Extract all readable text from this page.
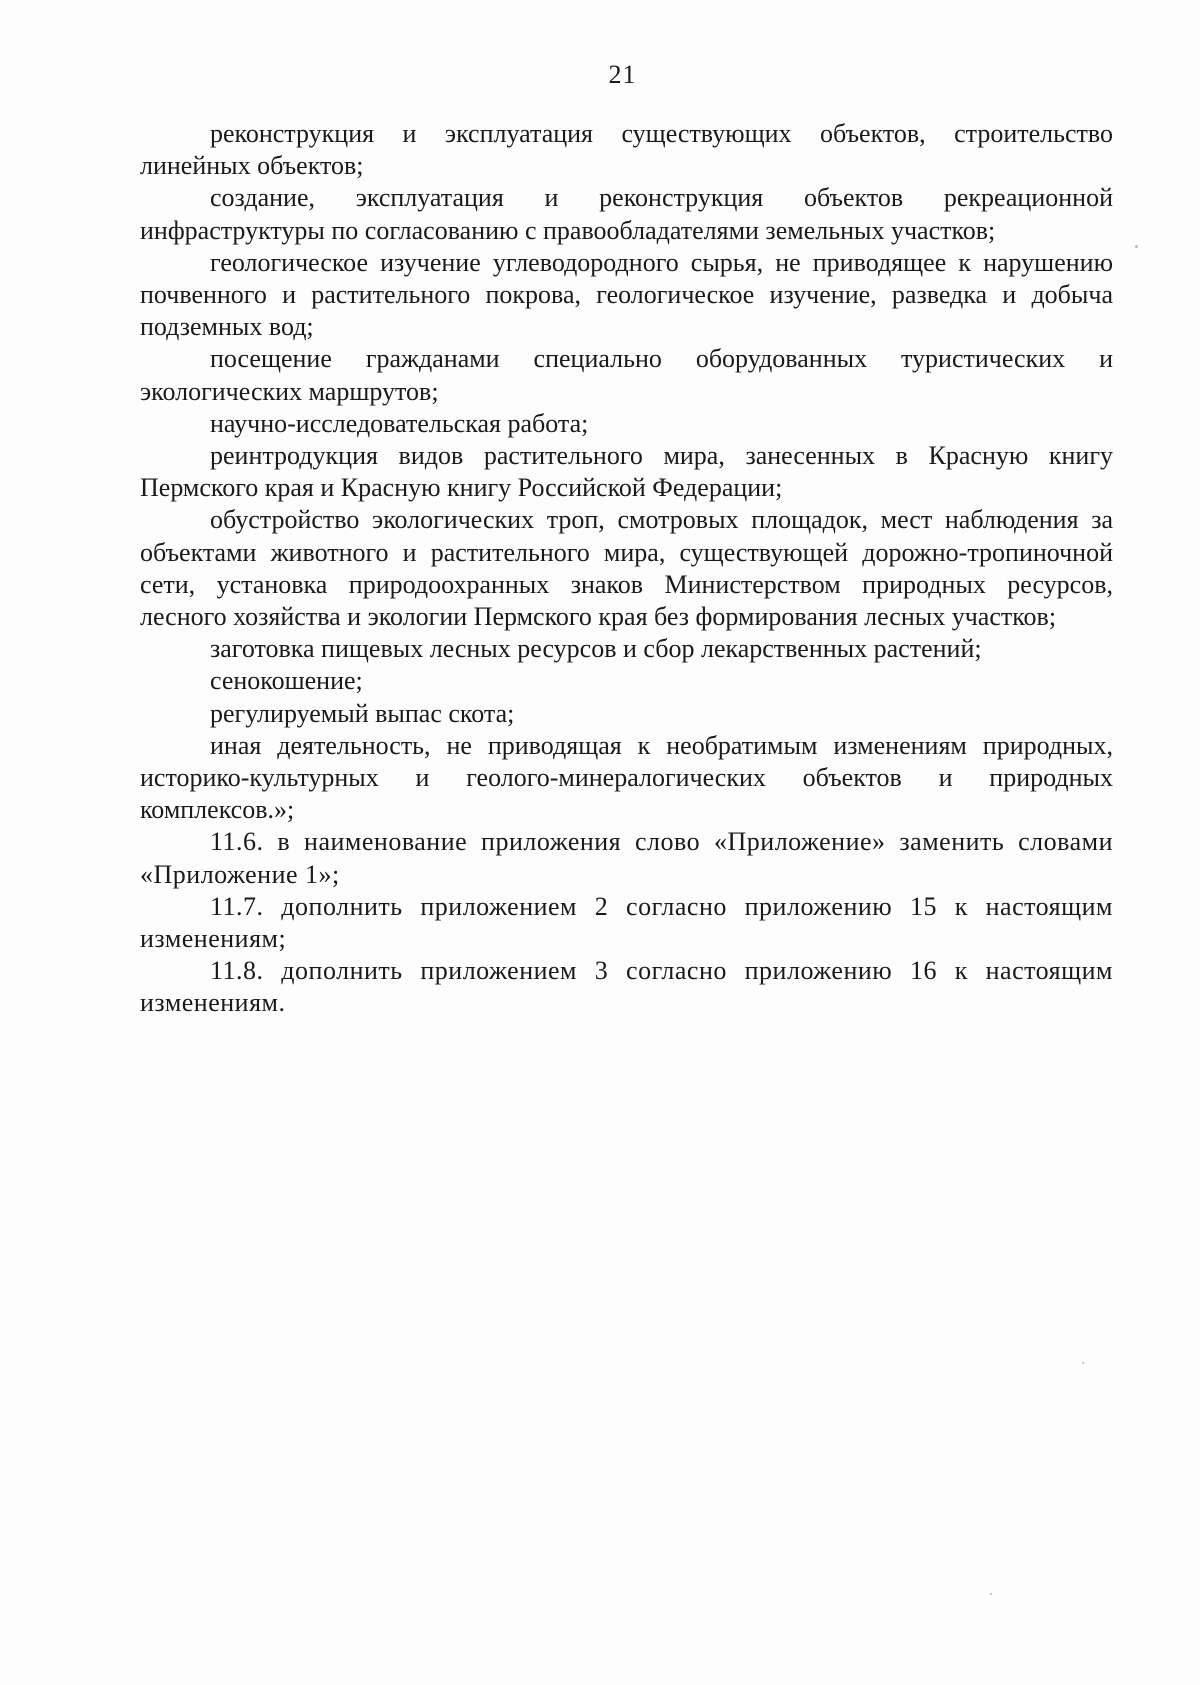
21

реконструкция и эксплуатация существующих объектов, строительство линейных объектов;

создание, эксплуатация и реконструкция объектов рекреационной инфраструктуры по согласованию с правообладателями земельных участков;

геологическое изучение углеводородного сырья, не приводящее к нарушению почвенного и растительного покрова, геологическое изучение, разведка и добыча подземных вод;

посещение гражданами специально оборудованных туристических и экологических маршрутов;

научно-исследовательская работа;

реинтродукция видов растительного мира, занесенных в Красную книгу Пермского края и Красную книгу Российской Федерации;

обустройство экологических троп, смотровых площадок, мест наблюдения за объектами животного и растительного мира, существующей дорожно-тропиночной сети, установка природоохранных знаков Министерством природных ресурсов, лесного хозяйства и экологии Пермского края без формирования лесных участков;

заготовка пищевых лесных ресурсов и сбор лекарственных растений;

сенокошение;

регулируемый выпас скота;

иная деятельность, не приводящая к необратимым изменениям природных, историко-культурных и геолого-минералогических объектов и природных комплексов.»;

11.6. в наименование приложения слово «Приложение» заменить словами «Приложение 1»;

11.7. дополнить приложением 2 согласно приложению 15 к настоящим изменениям;

11.8. дополнить приложением 3 согласно приложению 16 к настоящим изменениям.
